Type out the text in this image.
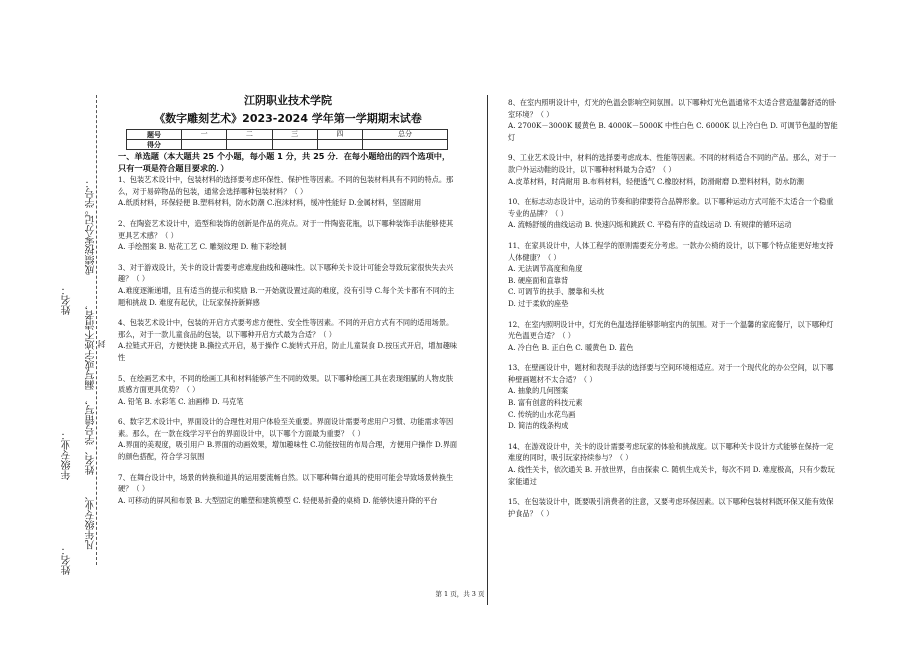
学号：
成绩按零分记。
漏写或字迹不清者，
姓名、学号错写，
凡年级专业、
姓名：
年级专业：
封
姓名：
江阴职业技术学院
《数字雕刻艺术》2023-2024 学年第一学期期末试卷
题号	一	二	三	四	总分
得分					
一、单选题（本大题共 25 个小题，每小题 1 分，共 25 分．在每小题给出的四个选项中，只有一项是符合题目要求的．）

1、包装艺术设计中，包装材料的选择要考虑环保性、保护性等因素。不同的包装材料具有不同的特点。那么，对于易碎物品的包装，通常会选择哪种包装材料？（ ）

A.纸质材料，环保轻便 B.塑料材料，防水防潮 C.泡沫材料，缓冲性能好 D.金属材料，坚固耐用

2、在陶瓷艺术设计中，造型和装饰的创新是作品的亮点。对于一件陶瓷花瓶，以下哪种装饰手法能够使其更具艺术感？（ ）

A. 手绘图案 B. 贴花工艺 C. 雕刻纹理 D. 釉下彩绘制

3、对于游戏设计，关卡的设计需要考虑难度曲线和趣味性。以下哪种关卡设计可能会导致玩家很快失去兴趣？（ ）

A.难度逐渐递增，且有适当的提示和奖励 B.一开始就设置过高的难度，没有引导 C.每个关卡都有不同的主题和挑战 D. 难度有起伏，让玩家保持新鲜感

4、包装艺术设计中，包装的开启方式要考虑方便性、安全性等因素。不同的开启方式有不同的适用场景。那么，对于一款儿童食品的包装，以下哪种开启方式最为合适？（ ）

A.拉链式开启，方便快捷 B.撕拉式开启，易于操作 C.旋转式开启，防止儿童误食 D.按压式开启，增加趣味性

5、在绘画艺术中，不同的绘画工具和材料能够产生不同的效果。以下哪种绘画工具在表现细腻的人物皮肤质感方面更具优势？（ ）

A. 铅笔 B. 水彩笔 C. 油画棒 D. 马克笔

6、数字艺术设计中，界面设计的合理性对用户体验至关重要。界面设计需要考虑用户习惯、功能需求等因素。那么，在一款在线学习平台的界面设计中，以下哪个方面最为重要？（ ）

A.界面的美观度，吸引用户 B.界面的动画效果，增加趣味性 C.功能按钮的布局合理，方便用户操作 D.界面的颜色搭配，符合学习氛围

7、在舞台设计中，场景的转换和道具的运用要流畅自然。以下哪种舞台道具的使用可能会导致场景转换生硬？（ ）

A. 可移动的屏风和布景 B. 大型固定的雕塑和建筑模型 C. 轻便易折叠的桌椅 D. 能够快速升降的平台

8、在室内照明设计中，灯光的色温会影响空间氛围。以下哪种灯光色温通常不太适合营造温馨舒适的卧室环境？（ ）

A. 2700K－3000K 暖黄色 B. 4000K－5000K 中性白色 C. 6000K 以上冷白色 D. 可调节色温的智能灯

9、工业艺术设计中，材料的选择要考虑成本、性能等因素。不同的材料适合不同的产品。那么，对于一款户外运动鞋的设计，以下哪种材料最为合适？（ ）

A.皮革材料，时尚耐用 B.布料材料，轻便透气 C.橡胶材料，防滑耐磨 D.塑料材料，防水防潮

10、在标志动态设计中，运动的节奏和韵律要符合品牌形象。以下哪种运动方式可能不太适合一个稳重专业的品牌？（ ）

A. 流畅舒缓的曲线运动 B. 快速闪烁和跳跃 C. 平稳有序的直线运动 D. 有规律的循环运动

11、在家具设计中，人体工程学的原则需要充分考虑。一款办公椅的设计，以下哪个特点能更好地支持人体健康？（ ）

A. 无法调节高度和角度

B. 硬座面和直靠背

C. 可调节的扶手、腰靠和头枕

D. 过于柔软的座垫

12、在室内照明设计中，灯光的色温选择能够影响室内的氛围。对于一个温馨的家庭餐厅，以下哪种灯光色温更合适？（ ）

A. 冷白色 B. 正白色 C. 暖黄色 D. 蓝色

13、在壁画设计中，题材和表现手法的选择要与空间环境相适应。对于一个现代化的办公空间，以下哪种壁画题材不太合适？（ ）

A. 抽象的几何图案

B. 富有创意的科技元素

C. 传统的山水花鸟画

D. 简洁的线条构成

14、在游戏设计中，关卡的设计需要考虑玩家的体验和挑战度。以下哪种关卡设计方式能够在保持一定难度的同时，吸引玩家持续参与？（ ）

A. 线性关卡，依次通关 B. 开放世界，自由探索 C. 随机生成关卡，每次不同 D. 难度极高，只有少数玩家能通过

15、在包装设计中，既要吸引消费者的注意，又要考虑环保因素。以下哪种包装材料既环保又能有效保护食品？（ ）

第 1 页，共 3 页
